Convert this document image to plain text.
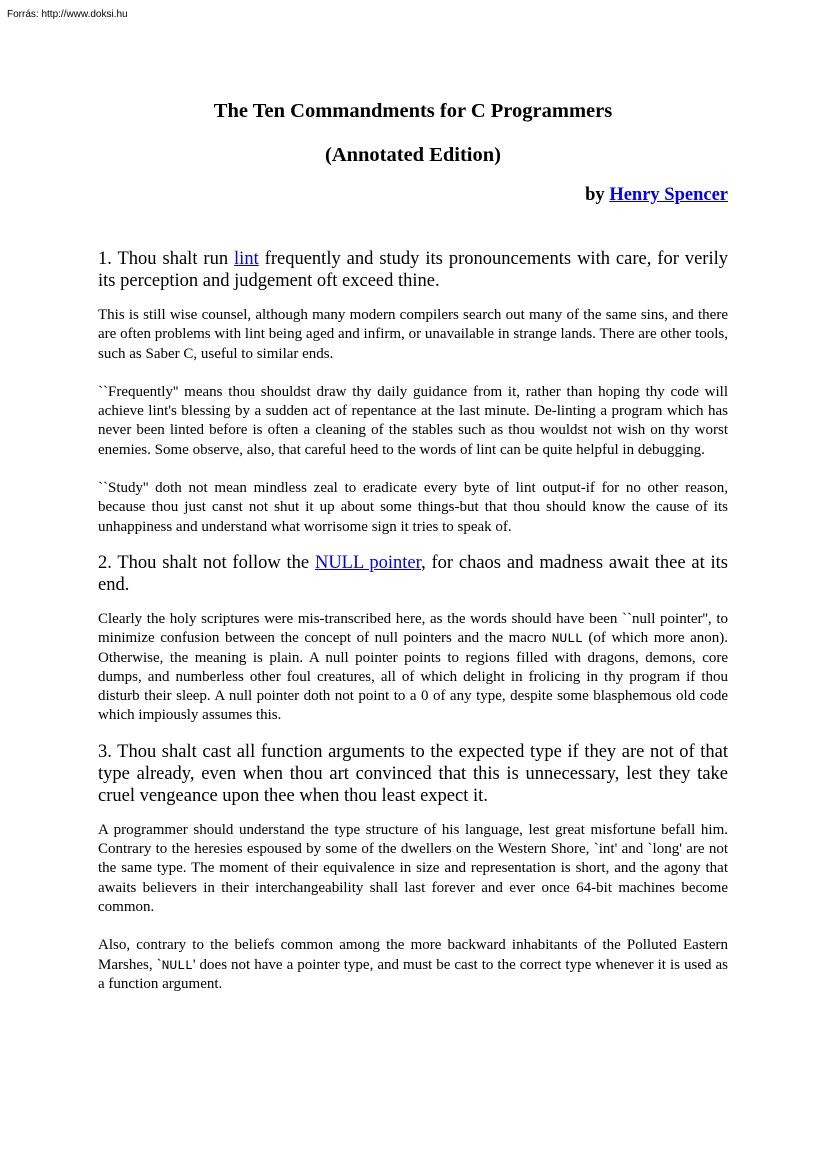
Forrás: http://www.doksi.hu
The Ten Commandments for C Programmers
(Annotated Edition)
by Henry Spencer

1. Thou shalt run lint frequently and study its pronouncements with care, for verily its perception and judgement oft exceed thine.

This is still wise counsel, although many modern compilers search out many of the same sins, and there are often problems with lint being aged and infirm, or unavailable in strange lands. There are other tools, such as Saber C, useful to similar ends.

``Frequently'' means thou shouldst draw thy daily guidance from it, rather than hoping thy code will achieve lint's blessing by a sudden act of repentance at the last minute. De-linting a program which has never been linted before is often a cleaning of the stables such as thou wouldst not wish on thy worst enemies. Some observe, also, that careful heed to the words of lint can be quite helpful in debugging.

``Study'' doth not mean mindless zeal to eradicate every byte of lint output-if for no other reason, because thou just canst not shut it up about some things-but that thou should know the cause of its unhappiness and understand what worrisome sign it tries to speak of.

2. Thou shalt not follow the NULL pointer, for chaos and madness await thee at its end.

Clearly the holy scriptures were mis-transcribed here, as the words should have been ``null pointer'', to minimize confusion between the concept of null pointers and the macro NULL (of which more anon). Otherwise, the meaning is plain. A null pointer points to regions filled with dragons, demons, core dumps, and numberless other foul creatures, all of which delight in frolicing in thy program if thou disturb their sleep. A null pointer doth not point to a 0 of any type, despite some blasphemous old code which impiously assumes this.

3. Thou shalt cast all function arguments to the expected type if they are not of that type already, even when thou art convinced that this is unnecessary, lest they take cruel vengeance upon thee when thou least expect it.

A programmer should understand the type structure of his language, lest great misfortune befall him. Contrary to the heresies espoused by some of the dwellers on the Western Shore, `int' and `long' are not the same type. The moment of their equivalence in size and representation is short, and the agony that awaits believers in their interchangeability shall last forever and ever once 64-bit machines become common.

Also, contrary to the beliefs common among the more backward inhabitants of the Polluted Eastern Marshes, `NULL' does not have a pointer type, and must be cast to the correct type whenever it is used as a function argument.
